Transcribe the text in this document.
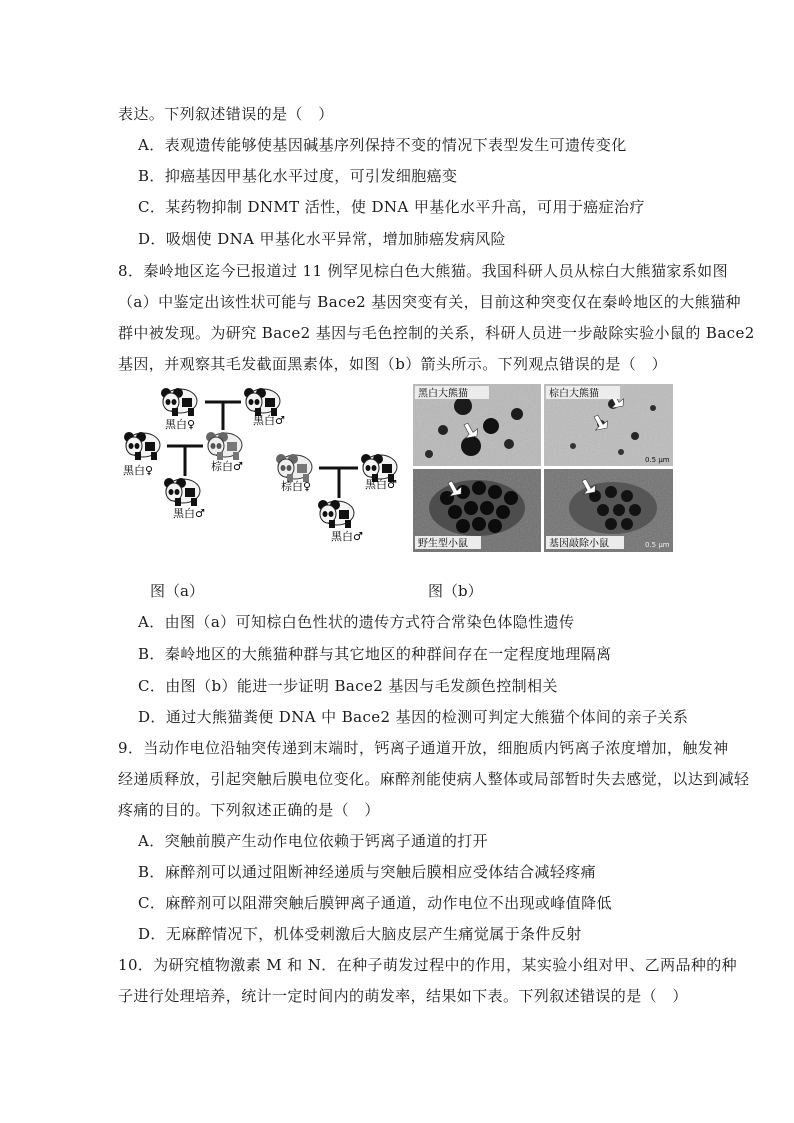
表达。下列叙述错误的是（　）
A．表观遗传能够使基因碱基序列保持不变的情况下表型发生可遗传变化
B．抑癌基因甲基化水平过度，可引发细胞癌变
C．某药物抑制 DNMT 活性，使 DNA 甲基化水平升高，可用于癌症治疗
D．吸烟使 DNA 甲基化水平异常，增加肺癌发病风险
8．秦岭地区迄今已报道过 11 例罕见棕白色大熊猫。我国科研人员从棕白大熊猫家系如图
（a）中鉴定出该性状可能与 Bace2 基因突变有关，目前这种突变仅在秦岭地区的大熊猫种
群中被发现。为研究 Bace2 基因与毛色控制的关系，科研人员进一步敲除实验小鼠的 Bace2
基因，并观察其毛发截面黑素体，如图（b）箭头所示。下列观点错误的是（　）
黑白♀	黑白♂
黑白♀	棕白♂
黑白♂
棕白♀	黑白♂
黑白♂
黑白大熊猫	棕白大熊猫
0.5 μm
野生型小鼠	基因敲除小鼠	0.5 μm
图（a）	图（b）
A．由图（a）可知棕白色性状的遗传方式符合常染色体隐性遗传
B．秦岭地区的大熊猫种群与其它地区的种群间存在一定程度地理隔离
C．由图（b）能进一步证明 Bace2 基因与毛发颜色控制相关
D．通过大熊猫粪便 DNA 中 Bace2 基因的检测可判定大熊猫个体间的亲子关系
9．当动作电位沿轴突传递到末端时，钙离子通道开放，细胞质内钙离子浓度增加，触发神
经递质释放，引起突触后膜电位变化。麻醉剂能使病人整体或局部暂时失去感觉，以达到减轻
疼痛的目的。下列叙述正确的是（　）
A．突触前膜产生动作电位依赖于钙离子通道的打开
B．麻醉剂可以通过阻断神经递质与突触后膜相应受体结合减轻疼痛
C．麻醉剂可以阻滞突触后膜钾离子通道，动作电位不出现或峰值降低
D．无麻醉情况下，机体受刺激后大脑皮层产生痛觉属于条件反射
10．为研究植物激素 M 和 N．在种子萌发过程中的作用，某实验小组对甲、乙两品种的种
子进行处理培养，统计一定时间内的萌发率，结果如下表。下列叙述错误的是（　）
